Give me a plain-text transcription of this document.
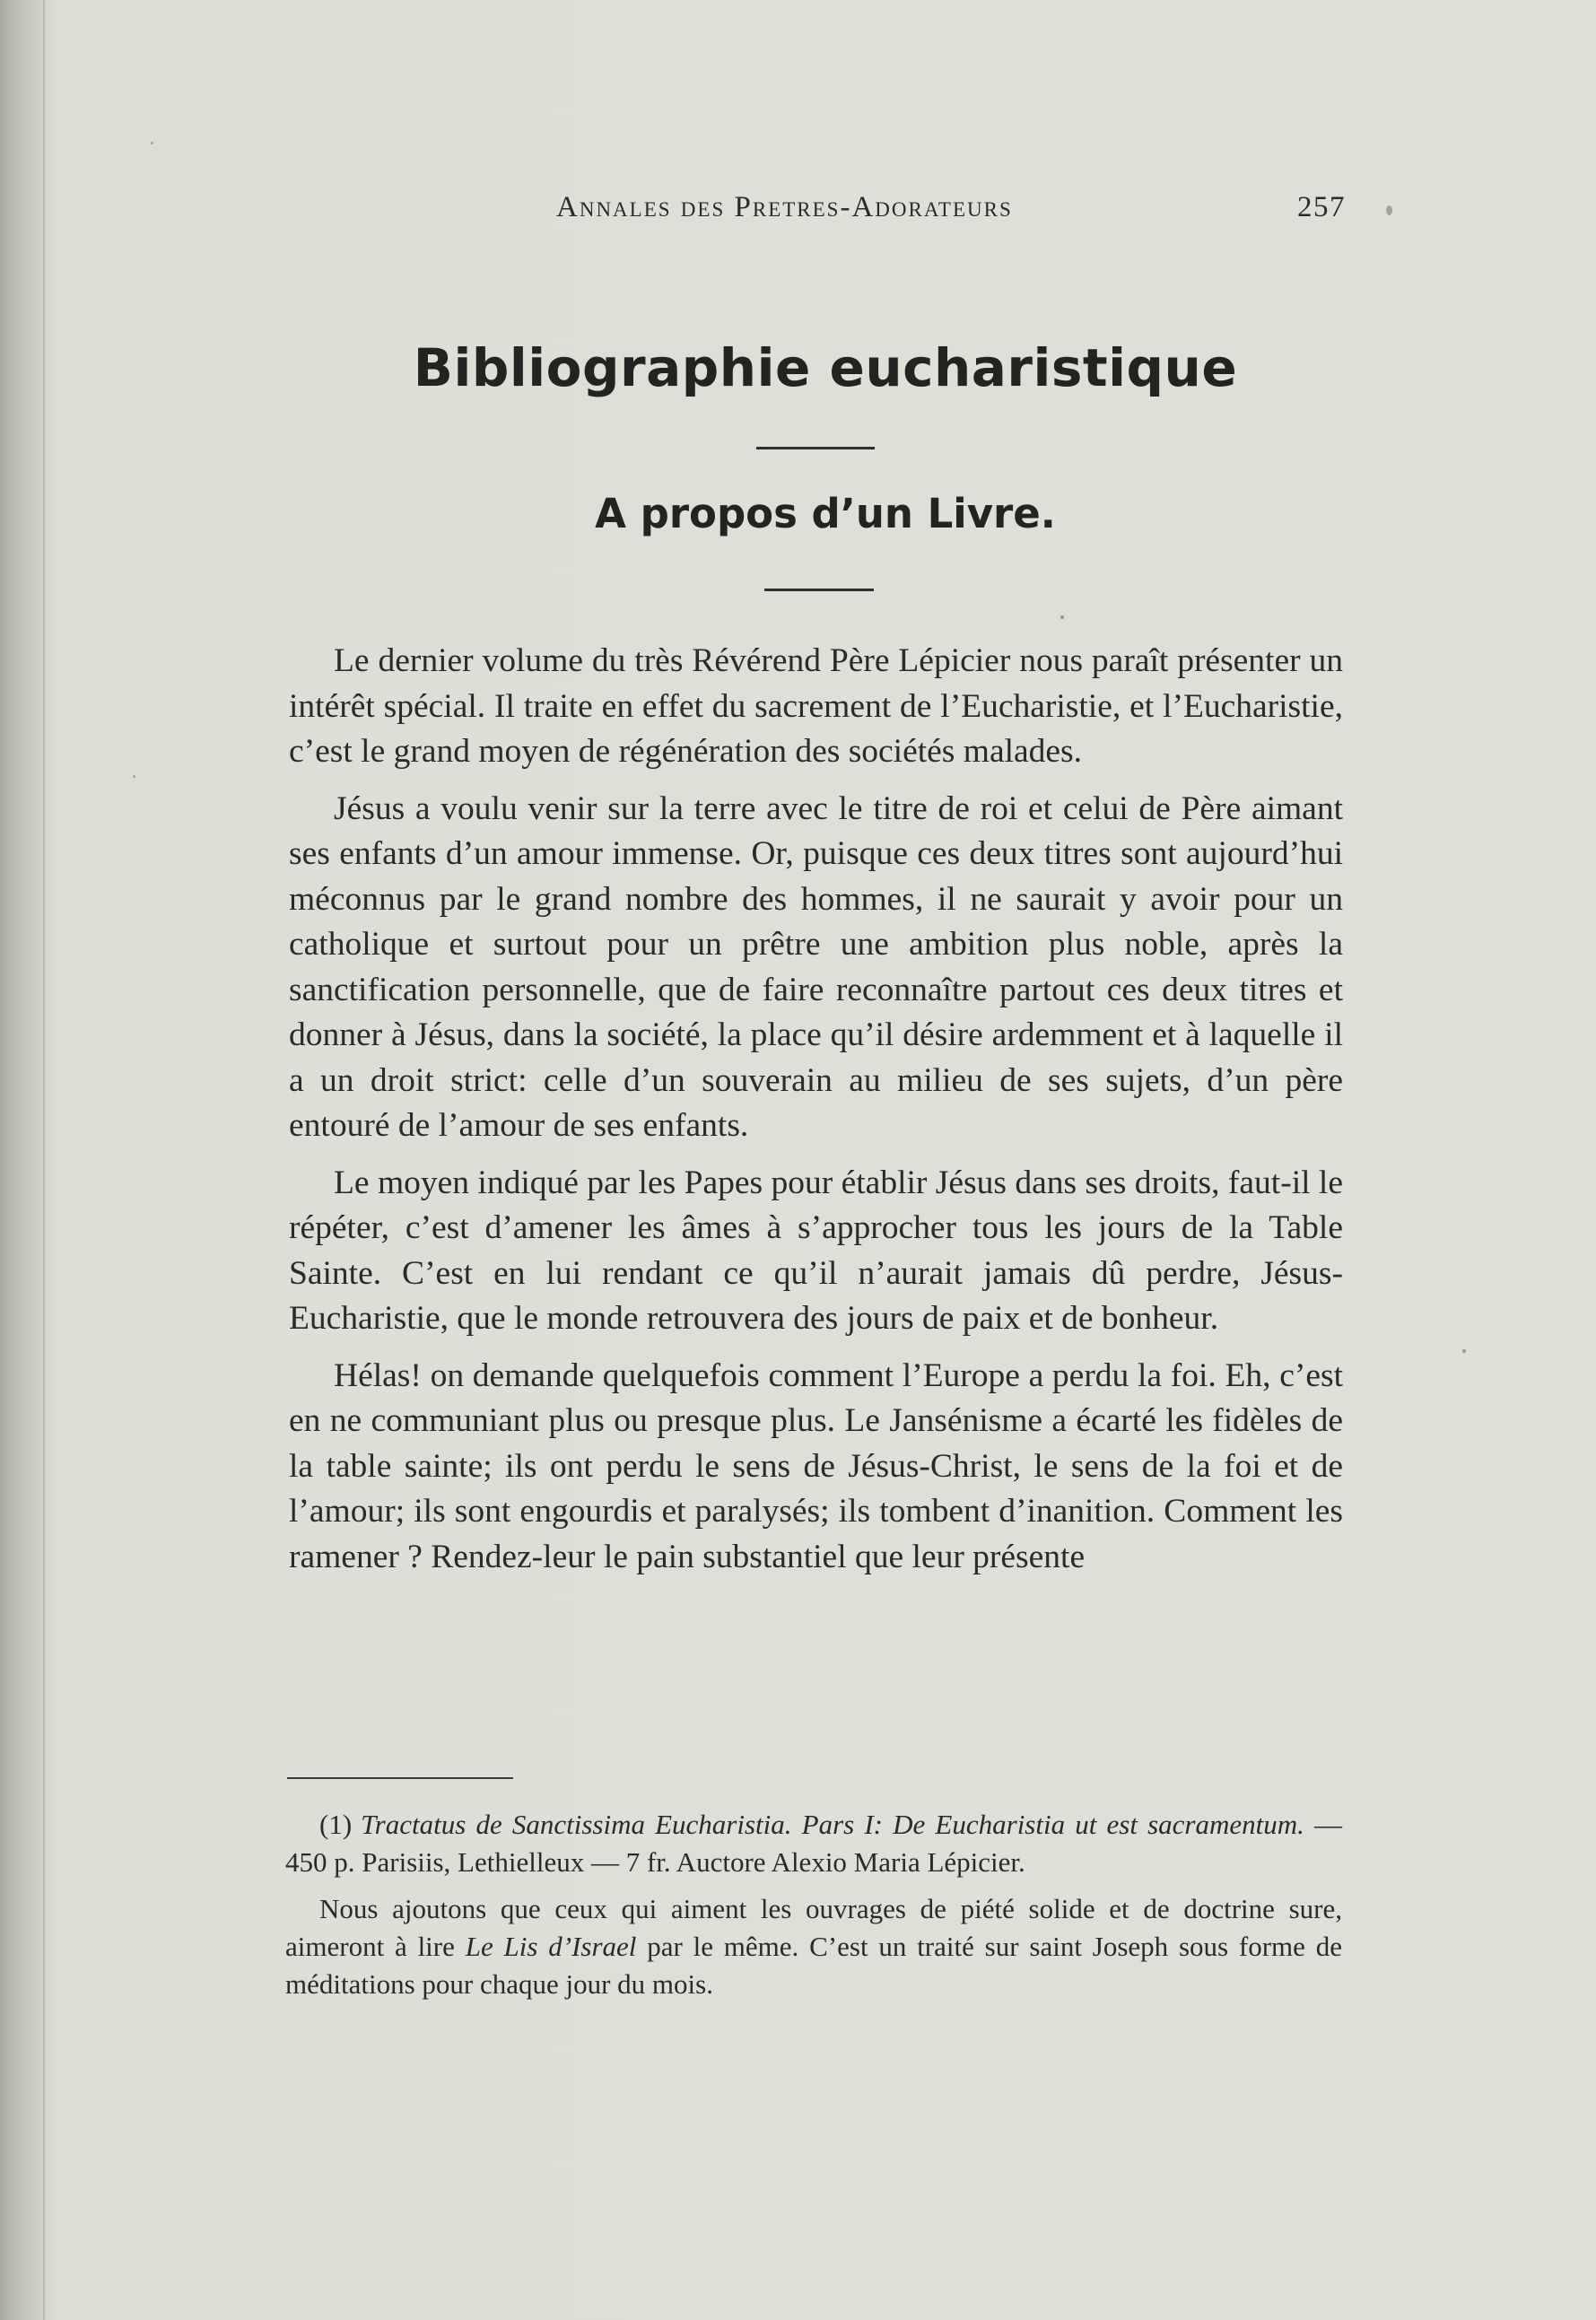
Annales des Pretres-Adorateurs	257
Bibliographie eucharistique
A propos d’un Livre.

Le dernier volume du très Révérend Père Lépicier nous paraît présenter un intérêt spécial. Il traite en effet du sacrement de l’Eucharistie, et l’Eucharistie, c’est le grand moyen de régénération des sociétés malades.

Jésus a voulu venir sur la terre avec le titre de roi et celui de Père aimant ses enfants d’un amour immense. Or, puisque ces deux titres sont aujourd’hui méconnus par le grand nombre des hommes, il ne saurait y avoir pour un catholique et surtout pour un prêtre une ambition plus noble, après la sanctification personnelle, que de faire reconnaître partout ces deux titres et donner à Jésus, dans la société, la place qu’il désire ardemment et à laquelle il a un droit strict: celle d’un souverain au milieu de ses sujets, d’un père entouré de l’amour de ses enfants.

Le moyen indiqué par les Papes pour établir Jésus dans ses droits, faut-il le répéter, c’est d’amener les âmes à s’approcher tous les jours de la Table Sainte. C’est en lui rendant ce qu’il n’aurait jamais dû perdre, Jésus-Eucharistie, que le monde retrouvera des jours de paix et de bonheur.

Hélas! on demande quelquefois comment l’Europe a perdu la foi. Eh, c’est en ne communiant plus ou presque plus. Le Jansénisme a écarté les fidèles de la table sainte; ils ont perdu le sens de Jésus-Christ, le sens de la foi et de l’amour; ils sont engourdis et paralysés; ils tombent d’inanition. Comment les ramener ? Rendez-leur le pain substantiel que leur présente

(1) Tractatus de Sanctissima Eucharistia. Pars I: De Eucharistia ut est sacramentum. — 450 p. Parisiis, Lethielleux — 7 fr. Auctore Alexio Maria Lépicier.

Nous ajoutons que ceux qui aiment les ouvrages de piété solide et de doctrine sure, aimeront à lire Le Lis d’Israel par le même. C’est un traité sur saint Joseph sous forme de méditations pour chaque jour du mois.
